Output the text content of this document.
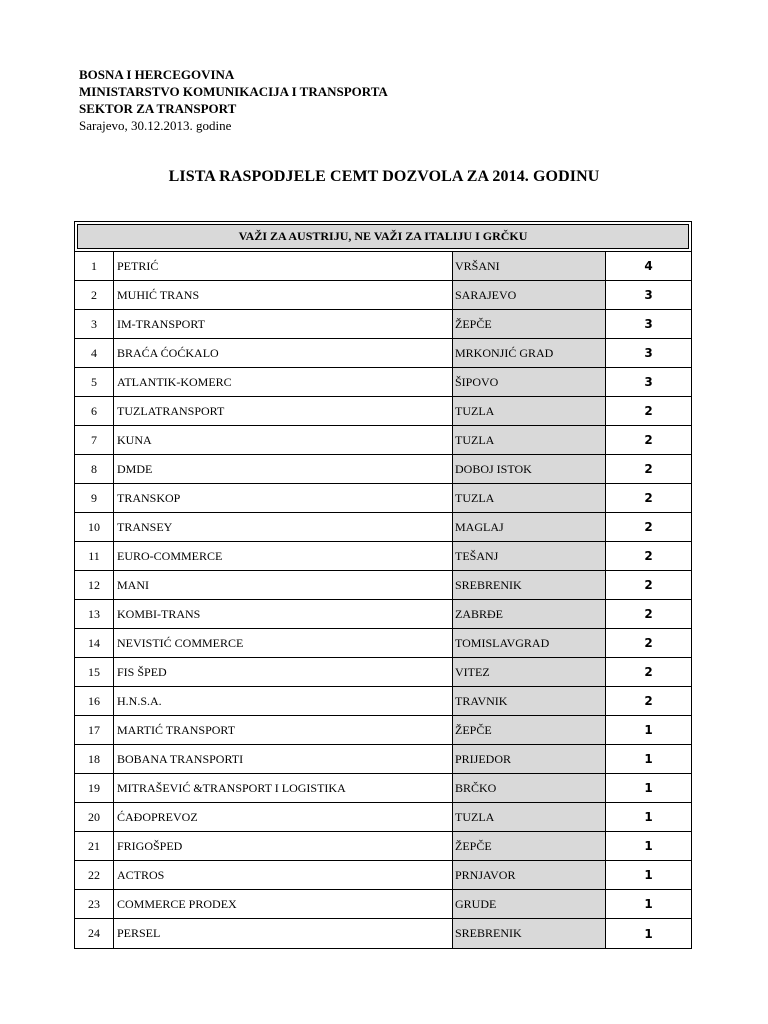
BOSNA I HERCEGOVINA
MINISTARSTVO KOMUNIKACIJA I TRANSPORTA
SEKTOR ZA TRANSPORT
Sarajevo, 30.12.2013. godine
LISTA RASPODJELE CEMT DOZVOLA ZA 2014. GODINU
VAŽI ZA AUSTRIJU, NE VAŽI ZA ITALIJU I GRČKU
1	PETRIĆ	VRŠANI	4
2	MUHIĆ TRANS	SARAJEVO	3
3	IM-TRANSPORT	ŽEPČE	3
4	BRAĆA ĆOĆKALO	MRKONJIĆ GRAD	3
5	ATLANTIK-KOMERC	ŠIPOVO	3
6	TUZLATRANSPORT	TUZLA	2
7	KUNA	TUZLA	2
8	DMDE	DOBOJ ISTOK	2
9	TRANSKOP	TUZLA	2
10	TRANSEY	MAGLAJ	2
11	EURO-COMMERCE	TEŠANJ	2
12	MANI	SREBRENIK	2
13	KOMBI-TRANS	ZABRĐE	2
14	NEVISTIĆ COMMERCE	TOMISLAVGRAD	2
15	FIS ŠPED	VITEZ	2
16	H.N.S.A.	TRAVNIK	2
17	MARTIĆ TRANSPORT	ŽEPČE	1
18	BOBANA TRANSPORTI	PRIJEDOR	1
19	MITRAŠEVIĆ &TRANSPORT I LOGISTIKA	BRČKO	1
20	ĆAĐOPREVOZ	TUZLA	1
21	FRIGOŠPED	ŽEPČE	1
22	ACTROS	PRNJAVOR	1
23	COMMERCE PRODEX	GRUDE	1
24	PERSEL	SREBRENIK	1
